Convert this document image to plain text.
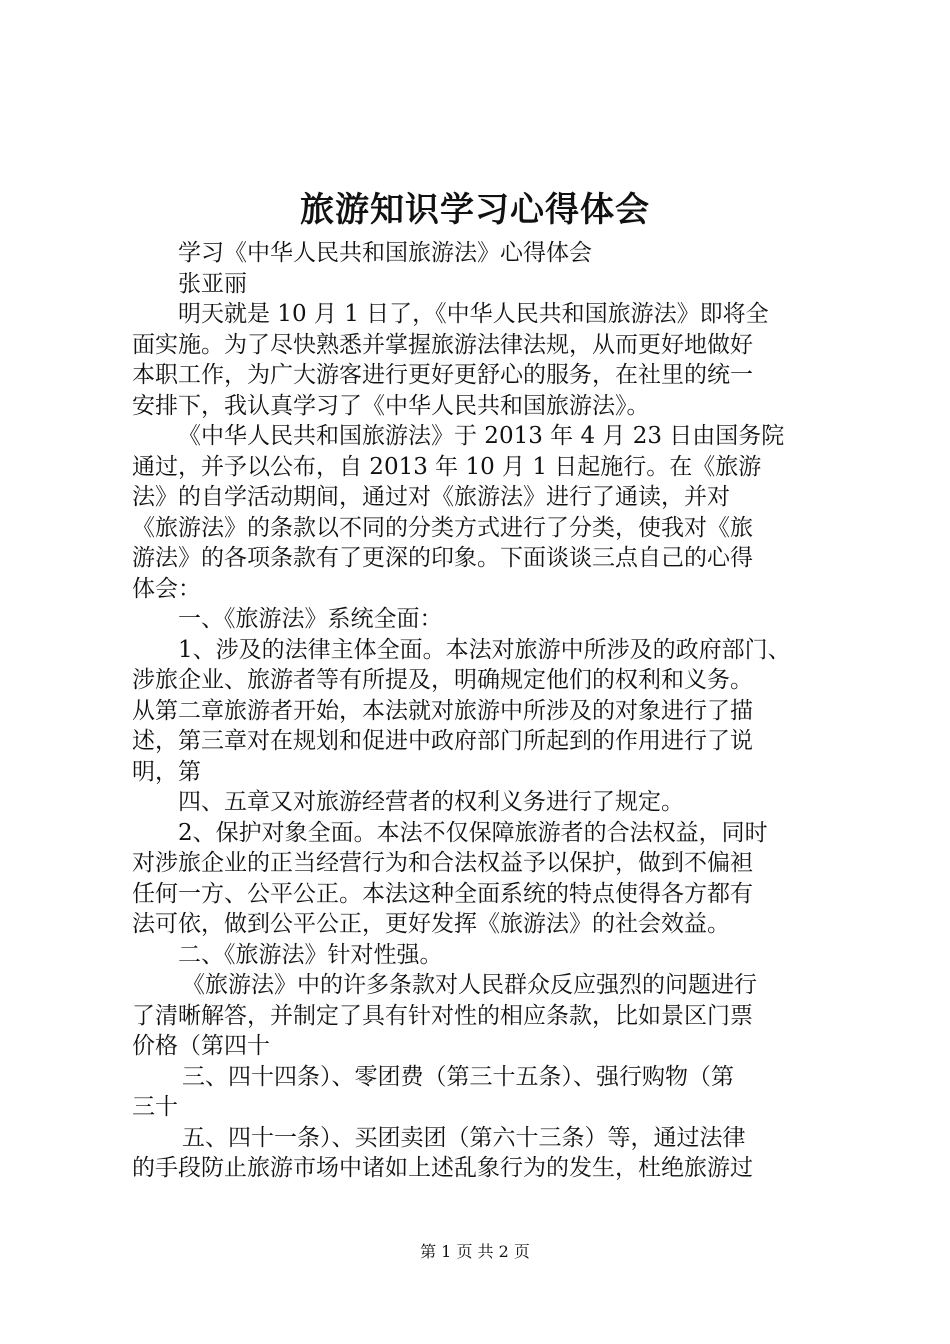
旅游知识学习心得体会
学习《中华人民共和国旅游法》心得体会
张亚丽
明天就是 10 月 1 日了，《中华人民共和国旅游法》即将全
面实施。为了尽快熟悉并掌握旅游法律法规，从而更好地做好
本职工作，为广大游客进行更好更舒心的服务，在社里的统一
安排下，我认真学习了《中华人民共和国旅游法》。
《中华人民共和国旅游法》于 2013 年 4 月 23 日由国务院
通过，并予以公布，自 2013 年 10 月 1 日起施行。在《旅游
法》的自学活动期间，通过对《旅游法》进行了通读，并对
《旅游法》的条款以不同的分类方式进行了分类，使我对《旅
游法》的各项条款有了更深的印象。下面谈谈三点自己的心得
体会：
一、《旅游法》系统全面：
1、涉及的法律主体全面。本法对旅游中所涉及的政府部门、
涉旅企业、旅游者等有所提及，明确规定他们的权利和义务。
从第二章旅游者开始，本法就对旅游中所涉及的对象进行了描
述，第三章对在规划和促进中政府部门所起到的作用进行了说
明，第
四、五章又对旅游经营者的权利义务进行了规定。
2、保护对象全面。本法不仅保障旅游者的合法权益，同时
对涉旅企业的正当经营行为和合法权益予以保护，做到不偏袒
任何一方、公平公正。本法这种全面系统的特点使得各方都有
法可依，做到公平公正，更好发挥《旅游法》的社会效益。
二、《旅游法》针对性强。
《旅游法》中的许多条款对人民群众反应强烈的问题进行
了清晰解答，并制定了具有针对性的相应条款，比如景区门票
价格（第四十
三、四十四条）、零团费（第三十五条）、强行购物（第
三十
五、四十一条）、买团卖团（第六十三条）等，通过法律
的手段防止旅游市场中诸如上述乱象行为的发生，杜绝旅游过
第 1 页 共 2 页
